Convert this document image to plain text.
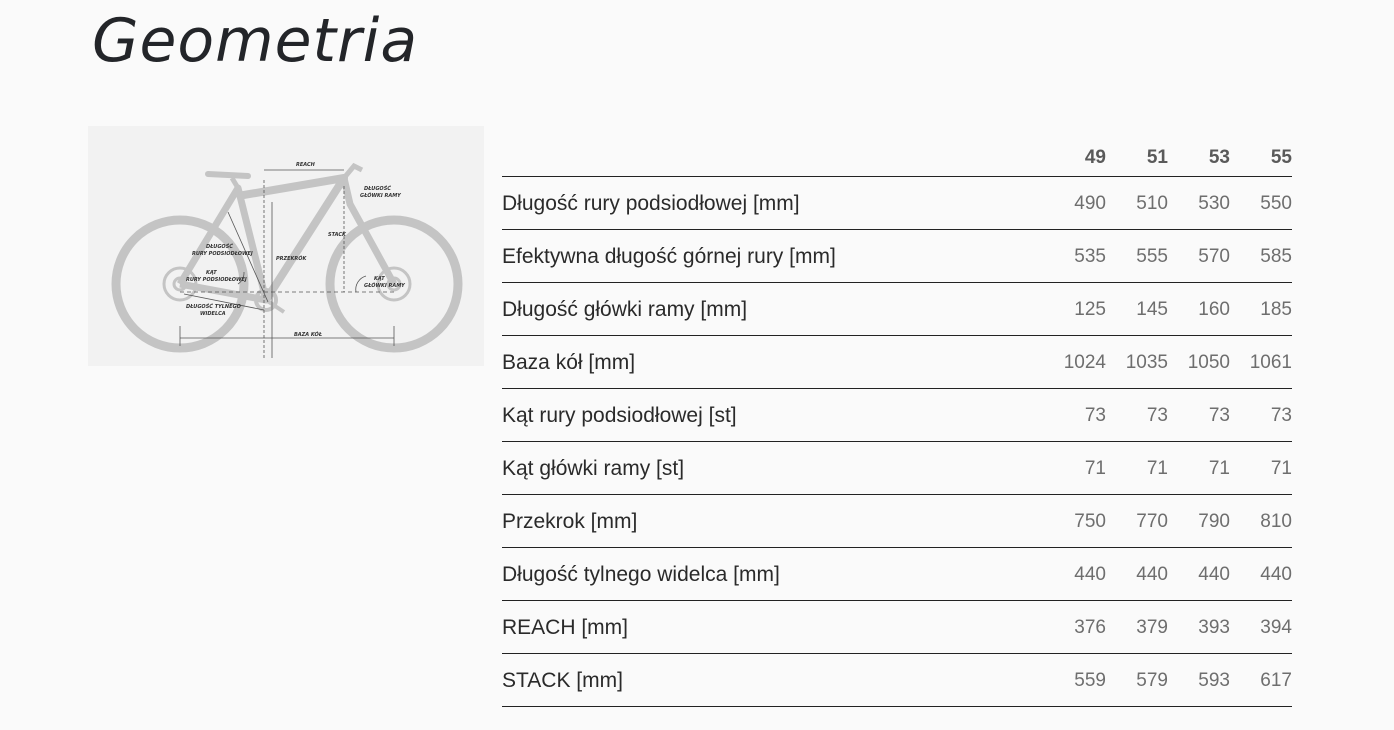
Geometria
REACH
DŁUGOŚĆ
GŁÓWKI RAMY
STACK
DŁUGOŚĆ
RURY PODSIODŁOWEJ
PRZEKRÓK
KĄT
RURY PODSIODŁOWEJ	KĄT
GŁÓWKI RAMY
DŁUGOŚĆ TYLNEGO
WIDELCA
BAZA KÓŁ
	49	51	53	55
Długość rury podsiodłowej [mm]	490	510	530	550
Efektywna długość górnej rury [mm]	535	555	570	585
Długość główki ramy [mm]	125	145	160	185
Baza kół [mm]	1024	1035	1050	1061
Kąt rury podsiodłowej [st]	73	73	73	73
Kąt główki ramy [st]	71	71	71	71
Przekrok [mm]	750	770	790	810
Długość tylnego widelca [mm]	440	440	440	440
REACH [mm]	376	379	393	394
STACK [mm]	559	579	593	617
